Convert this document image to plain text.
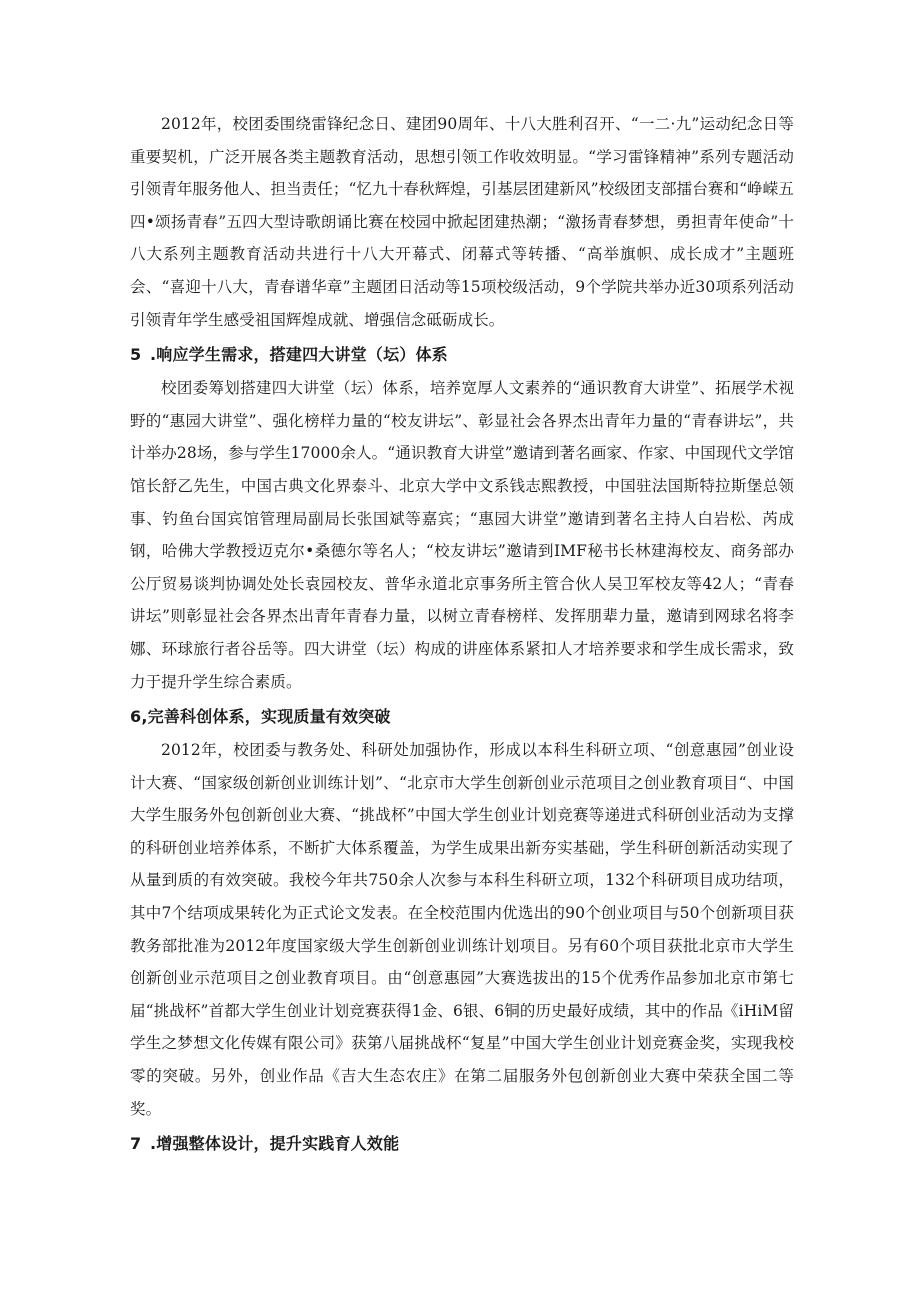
2012年，校团委围绕雷锋纪念日、建团90周年、十八大胜利召开、“一二·九”运动纪念日等重要契机，广泛开展各类主题教育活动，思想引领工作收效明显。“学习雷锋精神”系列专题活动引领青年服务他人、担当责任；“忆九十春秋辉煌，引基层团建新风”校级团支部擂台赛和“峥嵘五四•颂扬青春”五四大型诗歌朗诵比赛在校园中掀起团建热潮；“激扬青春梦想，勇担青年使命”十八大系列主题教育活动共进行十八大开幕式、闭幕式等转播、“高举旗帜、成长成才”主题班会、“喜迎十八大，青春谱华章”主题团日活动等15项校级活动，9个学院共举办近30项系列活动引领青年学生感受祖国辉煌成就、增强信念砥砺成长。

5 .响应学生需求，搭建四大讲堂（坛）体系

校团委筹划搭建四大讲堂（坛）体系，培养宽厚人文素养的“通识教育大讲堂”、拓展学术视野的“惠园大讲堂”、强化榜样力量的“校友讲坛”、彰显社会各界杰出青年力量的“青春讲坛”，共计举办28场，参与学生17000余人。“通识教育大讲堂”邀请到著名画家、作家、中国现代文学馆馆长舒乙先生，中国古典文化界泰斗、北京大学中文系钱志熙教授，中国驻法国斯特拉斯堡总领事、钓鱼台国宾馆管理局副局长张国斌等嘉宾；“惠园大讲堂”邀请到著名主持人白岩松、芮成钢，哈佛大学教授迈克尔•桑德尔等名人；“校友讲坛”邀请到IMF秘书长林建海校友、商务部办公厅贸易谈判协调处处长袁园校友、普华永道北京事务所主管合伙人吴卫军校友等42人；“青春讲坛”则彰显社会各界杰出青年青春力量，以树立青春榜样、发挥朋辈力量，邀请到网球名将李娜、环球旅行者谷岳等。四大讲堂（坛）构成的讲座体系紧扣人才培养要求和学生成长需求，致力于提升学生综合素质。

6,完善科创体系，实现质量有效突破

2012年，校团委与教务处、科研处加强协作，形成以本科生科研立项、“创意惠园”创业设计大赛、“国家级创新创业训练计划”、“北京市大学生创新创业示范项目之创业教育项目“、中国大学生服务外包创新创业大赛、“挑战杯”中国大学生创业计划竞赛等递进式科研创业活动为支撑的科研创业培养体系，不断扩大体系覆盖，为学生成果出新夯实基础，学生科研创新活动实现了从量到质的有效突破。我校今年共750余人次参与本科生科研立项，132个科研项目成功结项，其中7个结项成果转化为正式论文发表。在全校范围内优选出的90个创业项目与50个创新项目获教务部批准为2012年度国家级大学生创新创业训练计划项目。另有60个项目获批北京市大学生创新创业示范项目之创业教育项目。由“创意惠园”大赛选拔出的15个优秀作品参加北京市第七届“挑战杯”首都大学生创业计划竞赛获得1金、6银、6铜的历史最好成绩，其中的作品《iHiM留学生之梦想文化传媒有限公司》获第八届挑战杯“复星”中国大学生创业计划竞赛金奖，实现我校零的突破。另外，创业作品《吉大生态农庄》在第二届服务外包创新创业大赛中荣获全国二等奖。

7 .增强整体设计，提升实践育人效能
